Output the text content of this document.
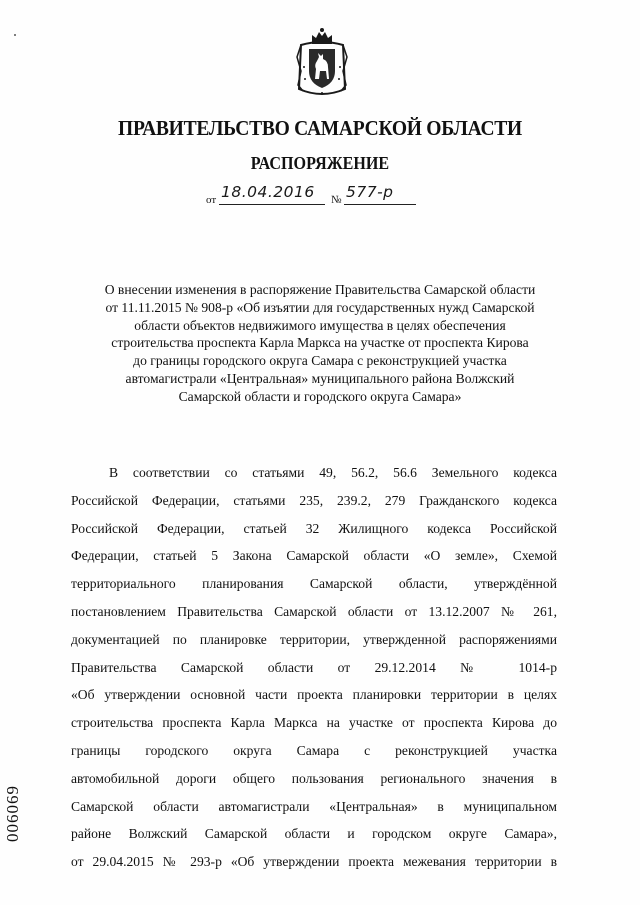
ПРАВИТЕЛЬСТВО САМАРСКОЙ ОБЛАСТИ
РАСПОРЯЖЕНИЕ
от 18.04.2016 № 577-р
О внесении изменения в распоряжение Правительства Самарской области
от 11.11.2015 № 908-р «Об изъятии для государственных нужд Самарской
области объектов недвижимого имущества в целях обеспечения
строительства проспекта Карла Маркса на участке от проспекта Кирова
до границы городского округа Самара с реконструкцией участка
автомагистрали «Центральная» муниципального района Волжский
Самарской области и городского округа Самара»
В соответствии со статьями 49, 56.2, 56.6 Земельного кодекса
Российской Федерации, статьями 235, 239.2, 279 Гражданского кодекса
Российской Федерации, статьей 32 Жилищного кодекса Российской
Федерации, статьей 5 Закона Самарской области «О земле», Схемой
территориального планирования Самарской области, утверждённой
постановлением Правительства Самарской области от 13.12.2007 № 261,
документацией по планировке территории, утвержденной распоряжениями
Правительства Самарской области от 29.12.2014 № 1014-р
«Об утверждении основной части проекта планировки территории в целях
строительства проспекта Карла Маркса на участке от проспекта Кирова до
границы городского округа Самара с реконструкцией участка
автомобильной дороги общего пользования регионального значения в
Самарской области автомагистрали «Центральная» в муниципальном
районе Волжский Самарской области и городском округе Самара»,
от 29.04.2015 № 293-р «Об утверждении проекта межевания территории в
006069
